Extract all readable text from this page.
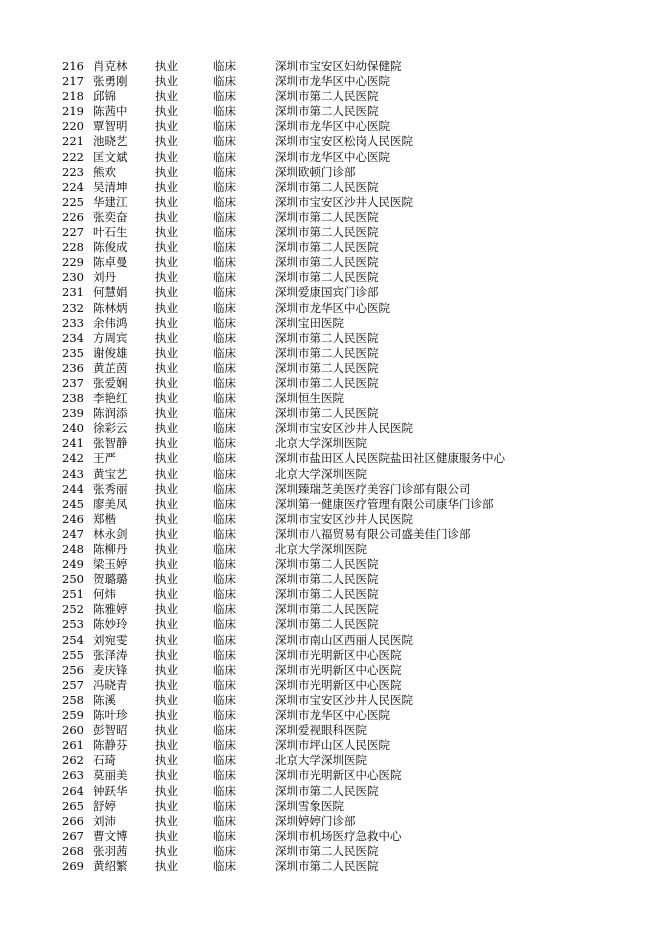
216	肖克林	执业	临床	深圳市宝安区妇幼保健院
217	张勇刚	执业	临床	深圳市龙华区中心医院
218	邱锦	执业	临床	深圳市第二人民医院
219	陈茜中	执业	临床	深圳市第二人民医院
220	覃智明	执业	临床	深圳市龙华区中心医院
221	池晓艺	执业	临床	深圳市宝安区松岗人民医院
222	匡文斌	执业	临床	深圳市龙华区中心医院
223	熊欢	执业	临床	深圳欧顿门诊部
224	吴清坤	执业	临床	深圳市第二人民医院
225	华建江	执业	临床	深圳市宝安区沙井人民医院
226	张奕奋	执业	临床	深圳市第二人民医院
227	叶石生	执业	临床	深圳市第二人民医院
228	陈俊成	执业	临床	深圳市第二人民医院
229	陈卓曼	执业	临床	深圳市第二人民医院
230	刘丹	执业	临床	深圳市第二人民医院
231	何慧娟	执业	临床	深圳爱康国宾门诊部
232	陈林炳	执业	临床	深圳市龙华区中心医院
233	余伟鸿	执业	临床	深圳宝田医院
234	方周宾	执业	临床	深圳市第二人民医院
235	谢俊雄	执业	临床	深圳市第二人民医院
236	黄芷茵	执业	临床	深圳市第二人民医院
237	张爱娴	执业	临床	深圳市第二人民医院
238	李艳红	执业	临床	深圳恒生医院
239	陈润添	执业	临床	深圳市第二人民医院
240	徐彩云	执业	临床	深圳市宝安区沙井人民医院
241	张智静	执业	临床	北京大学深圳医院
242	王严	执业	临床	深圳市盐田区人民医院盐田社区健康服务中心
243	黄宝艺	执业	临床	北京大学深圳医院
244	张秀丽	执业	临床	深圳臻瑞芝美医疗美容门诊部有限公司
245	廖美凤	执业	临床	深圳第一健康医疗管理有限公司康华门诊部
246	郑楷	执业	临床	深圳市宝安区沙井人民医院
247	林永剑	执业	临床	深圳市八福贸易有限公司盛美佳门诊部
248	陈柳丹	执业	临床	北京大学深圳医院
249	梁玉婷	执业	临床	深圳市第二人民医院
250	贺璐璐	执业	临床	深圳市第二人民医院
251	何炜	执业	临床	深圳市第二人民医院
252	陈雅婷	执业	临床	深圳市第二人民医院
253	陈妙玲	执业	临床	深圳市第二人民医院
254	刘宛雯	执业	临床	深圳市南山区西丽人民医院
255	张泽涛	执业	临床	深圳市光明新区中心医院
256	麦庆锋	执业	临床	深圳市光明新区中心医院
257	冯晓青	执业	临床	深圳市光明新区中心医院
258	陈溪	执业	临床	深圳市宝安区沙井人民医院
259	陈叶珍	执业	临床	深圳市龙华区中心医院
260	彭智昭	执业	临床	深圳爱视眼科医院
261	陈静芬	执业	临床	深圳市坪山区人民医院
262	石琦	执业	临床	北京大学深圳医院
263	莫丽美	执业	临床	深圳市光明新区中心医院
264	钟跃华	执业	临床	深圳市第二人民医院
265	舒婷	执业	临床	深圳雪象医院
266	刘沛	执业	临床	深圳婷婷门诊部
267	曹文博	执业	临床	深圳市机场医疗急救中心
268	张羽茜	执业	临床	深圳市第二人民医院
269	黄绍繁	执业	临床	深圳市第二人民医院
